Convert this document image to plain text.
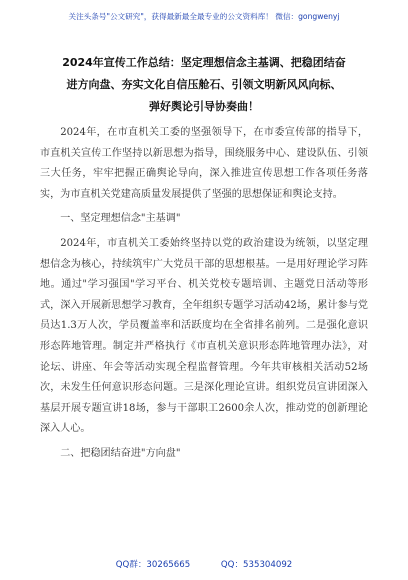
关注头条号"公文研究"，获得最新最全最专业的公文资料库！ 微信：gongwenyj
2024年宣传工作总结：坚定理想信念主基调、把稳团结奋
进方向盘、夯实文化自信压舱石、引领文明新风风向标、
弹好舆论引导协奏曲！

2024年，在市直机关工委的坚强领导下，在市委宣传部的指导下，市直机关宣传工作坚持以新思想为指导，围绕服务中心、建设队伍、引领三大任务，牢牢把握正确舆论导向，深入推进宣传思想工作各项任务落实，为市直机关党建高质量发展提供了坚强的思想保证和舆论支持。

一、坚定理想信念"主基调"

2024年，市直机关工委始终坚持以党的政治建设为统领，以坚定理想信念为核心，持续筑牢广大党员干部的思想根基。一是用好理论学习阵地。通过"学习强国"学习平台、机关党校专题培训、主题党日活动等形式，深入开展新思想学习教育，全年组织专题学习活动42场，累计参与党员达1.3万人次，学员覆盖率和活跃度均在全省排名前列。二是强化意识形态阵地管理。制定并严格执行《市直机关意识形态阵地管理办法》，对论坛、讲座、年会等活动实现全程监督管理。今年共审核相关活动52场次，未发生任何意识形态问题。三是深化理论宣讲。组织党员宣讲团深入基层开展专题宣讲18场，参与干部职工2600余人次，推动党的创新理论深入人心。

二、把稳团结奋进"方向盘"

QQ群：30265665	QQ：535304092
